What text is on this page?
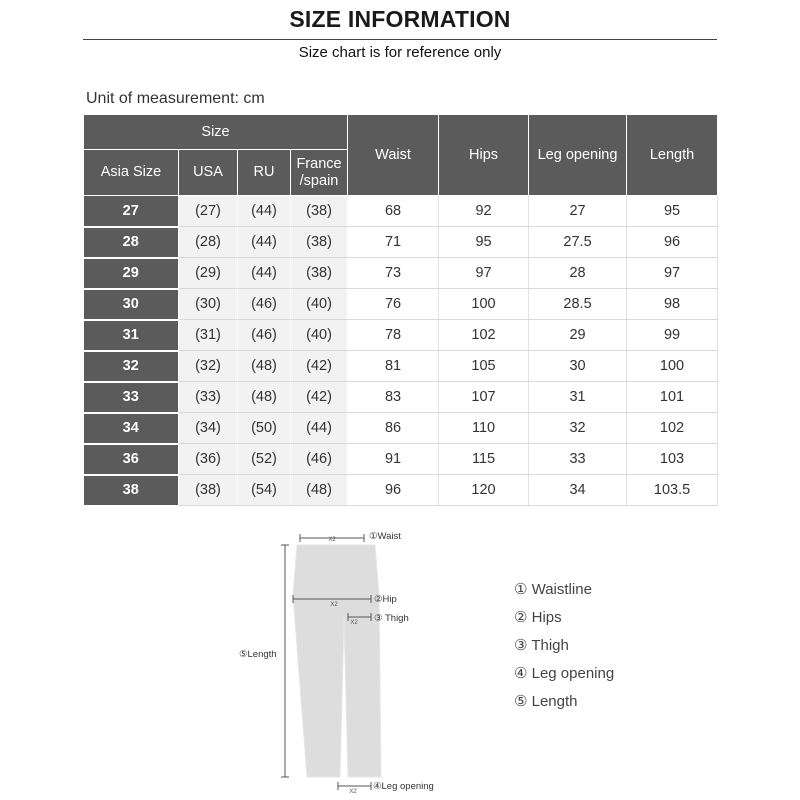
SIZE INFORMATION
Size chart is for reference only
Unit of measurement: cm
Size				Waist	Hips	Leg opening	Length
Asia Size	USA	RU	France
/spain				
27	(27)	(44)	(38)	68	92	27	95
28	(28)	(44)	(38)	71	95	27.5	96
29	(29)	(44)	(38)	73	97	28	97
30	(30)	(46)	(40)	76	100	28.5	98
31	(31)	(46)	(40)	78	102	29	99
32	(32)	(48)	(42)	81	105	30	100
33	(33)	(48)	(42)	83	107	31	101
34	(34)	(50)	(44)	86	110	32	102
36	(36)	(52)	(46)	91	115	33	103
38	(38)	(54)	(48)	96	120	34	103.5
X2	①Waist
X2	②Hip
X2 ③ Thigh
⑤Length
X2 ④Leg opening
① Waistline
② Hips
③ Thigh
④ Leg opening
⑤ Length
